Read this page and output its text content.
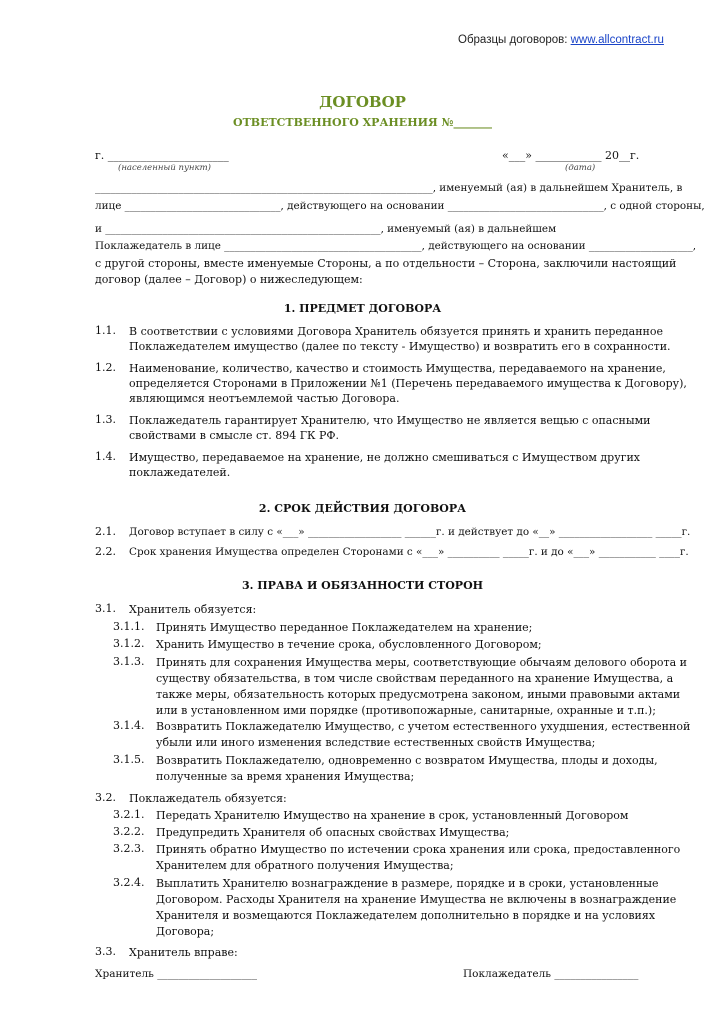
Образцы договоров: www.allcontract.ru
ДОГОВОР
ОТВЕТСТВЕННОГО ХРАНЕНИЯ №_______
г. ______________________
(населенный пункт)
«___» ____________ 20__г.
(дата)
_________________________________________________________________, именуемый (ая) в дальнейшем Хранитель, в
лице ______________________________, действующего на основании ______________________________, с одной стороны,
и _____________________________________________________, именуемый (ая) в дальнейшем
Поклажедатель в лице ______________________________________, действующего на основании ____________________,
с другой стороны, вместе именуемые Стороны, а по отдельности – Сторона, заключили настоящий
договор (далее – Договор) о нижеследующем:
1. ПРЕДМЕТ ДОГОВОРА
1.1. В соответствии с условиями Договора Хранитель обязуется принять и хранить переданное
Поклажедателем имущество (далее по тексту - Имущество) и возвратить его в сохранности.
1.2. Наименование, количество, качество и стоимость Имущества, передаваемого на хранение,
определяется Сторонами в Приложении №1 (Перечень передаваемого имущества к Договору),
являющимся неотъемлемой частью Договора.
1.3. Поклажедатель гарантирует Хранителю, что Имущество не является вещью с опасными
свойствами в смысле ст. 894 ГК РФ.
1.4. Имущество, передаваемое на хранение, не должно смешиваться с Имуществом других
поклажедателей.
2. СРОК ДЕЙСТВИЯ ДОГОВОРА
2.1. Договор вступает в силу с «___» __________________ ______г. и действует до «__» __________________ _____г.
2.2. Срок хранения Имущества определен Сторонами с «___» __________ _____г. и до «___» ___________ ____г.
3. ПРАВА И ОБЯЗАННОСТИ СТОРОН
3.1. Хранитель обязуется:
3.1.1. Принять Имущество переданное Поклажедателем на хранение;
3.1.2. Хранить Имущество в течение срока, обусловленного Договором;
3.1.3. Принять для сохранения Имущества меры, соответствующие обычаям делового оборота и
существу обязательства, в том числе свойствам переданного на хранение Имущества, а
также меры, обязательность которых предусмотрена законом, иными правовыми актами
или в установленном ими порядке (противопожарные, санитарные, охранные и т.п.);
3.1.4. Возвратить Поклажедателю Имущество, с учетом естественного ухудшения, естественной
убыли или иного изменения вследствие естественных свойств Имущества;
3.1.5. Возвратить Поклажедателю, одновременно с возвратом Имущества, плоды и доходы,
полученные за время хранения Имущества;
3.2. Поклажедатель обязуется:
3.2.1. Передать Хранителю Имущество на хранение в срок, установленный Договором
3.2.2. Предупредить Хранителя об опасных свойствах Имущества;
3.2.3. Принять обратно Имущество по истечении срока хранения или срока, предоставленного
Хранителем для обратного получения Имущества;
3.2.4. Выплатить Хранителю вознаграждение в размере, порядке и в сроки, установленные
Договором. Расходы Хранителя на хранение Имущества не включены в вознаграждение
Хранителя и возмещаются Поклажедателем дополнительно в порядке и на условиях
Договора;
3.3. Хранитель вправе:
Хранитель ___________________	Поклажедатель ________________
